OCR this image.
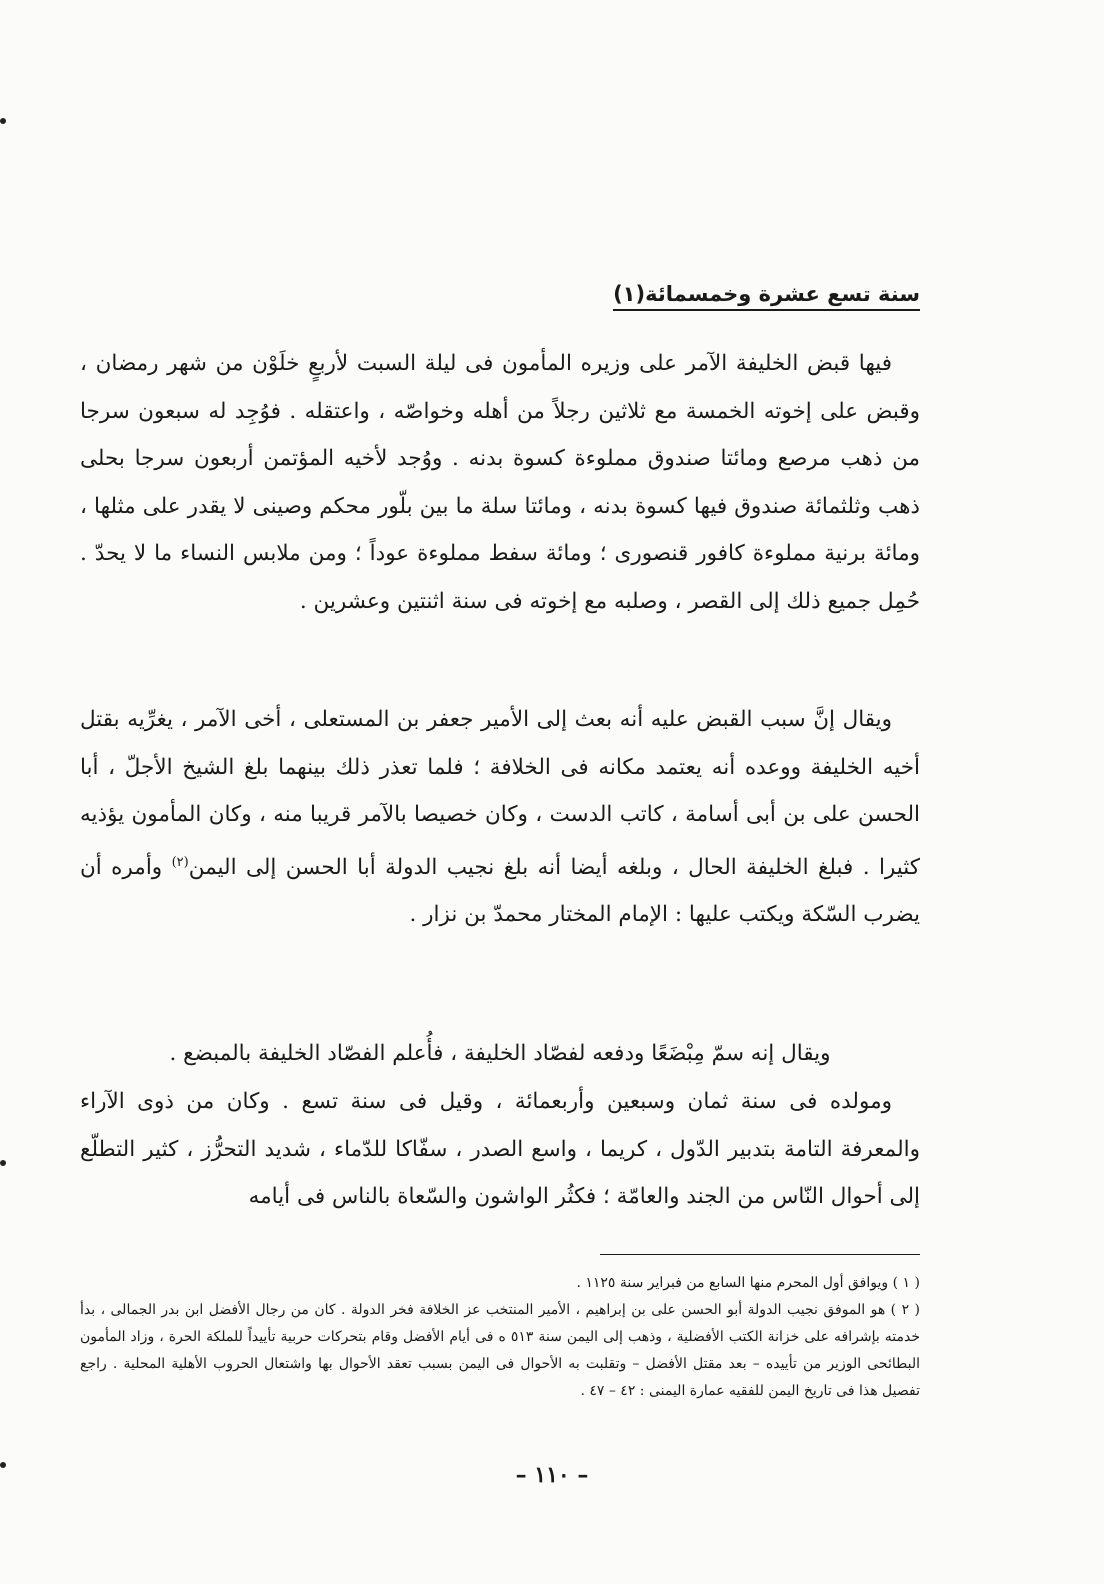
سنة تسع عشرة وخمسمائة(١)

فيها قبض الخليفة الآمر على وزيره المأمون فى ليلة السبت لأربعٍ خلَوْن من شهر رمضان ، وقبض على إخوته الخمسة مع ثلاثين رجلاً من أهله وخواصّه ، واعتقله . فوُجِد له سبعون سرجا من ذهب مرصع ومائتا صندوق مملوءة كسوة بدنه . ووُجد لأخيه المؤتمن أربعون سرجا بحلى ذهب وثلثمائة صندوق فيها كسوة بدنه ، ومائتا سلة ما بين بلّور محكم وصينى لا يقدر على مثلها ، ومائة برنية مملوءة كافور قنصورى ؛ ومائة سفط مملوءة عوداً ؛ ومن ملابس النساء ما لا يحدّ . حُمِل جميع ذلك إلى القصر ، وصلبه مع إخوته فى سنة اثنتين وعشرين .

ويقال إنَّ سبب القبض عليه أنه بعث إلى الأمير جعفر بن المستعلى ، أخى الآمر ، يغرِّيه بقتل أخيه الخليفة ووعده أنه يعتمد مكانه فى الخلافة ؛ فلما تعذر ذلك بينهما بلغ الشيخ الأجلّ ، أبا الحسن على بن أبى أسامة ، كاتب الدست ، وكان خصيصا بالآمر قريبا منه ، وكان المأمون يؤذيه كثيرا . فبلغ الخليفة الحال ، وبلغه أيضا أنه بلغ نجيب الدولة أبا الحسن إلى اليمن$^{(٢)}$ وأمره أن يضرب السّكة ويكتب عليها : الإمام المختار محمدّ بن نزار .

ويقال إنه سمّ مِبْضَعًا ودفعه لفصّاد الخليفة ، فأُعلم الفصّاد الخليفة بالمبضع .

ومولده فى سنة ثمان وسبعين وأربعمائة ، وقيل فى سنة تسع . وكان من ذوى الآراء والمعرفة التامة بتدبير الدّول ، كريما ، واسع الصدر ، سفّاكا للدّماء ، شديد التحرُّز ، كثير التطلّع إلى أحوال النّاس من الجند والعامّة ؛ فكثُر الواشون والسّعاة بالناس فى أيامه

( ١ ) ويوافق أول المحرم منها السابع من فبراير سنة ١١٢٥ .

( ٢ ) هو الموفق نجيب الدولة أبو الحسن على بن إبراهيم ، الأمير المنتخب عز الخلافة فخر الدولة . كان من رجال الأفضل ابن بدر الجمالى ، بدأ خدمته بإشرافه على خزانة الكتب الأفضلية ، وذهب إلى اليمن سنة ٥١٣ ه فى أيام الأفضل وقام بتحركات حربية تأييداً للملكة الحرة ، وزاد المأمون البطائحى الوزير من تأييده – بعد مقتل الأفضل – وتقلبت به الأحوال فى اليمن بسبب تعقد الأحوال بها واشتعال الحروب الأهلية المحلية . راجع تفصيل هذا فى تاريخ اليمن للفقيه عمارة اليمنى : ٤٢ – ٤٧ .

– ١١٠ –
